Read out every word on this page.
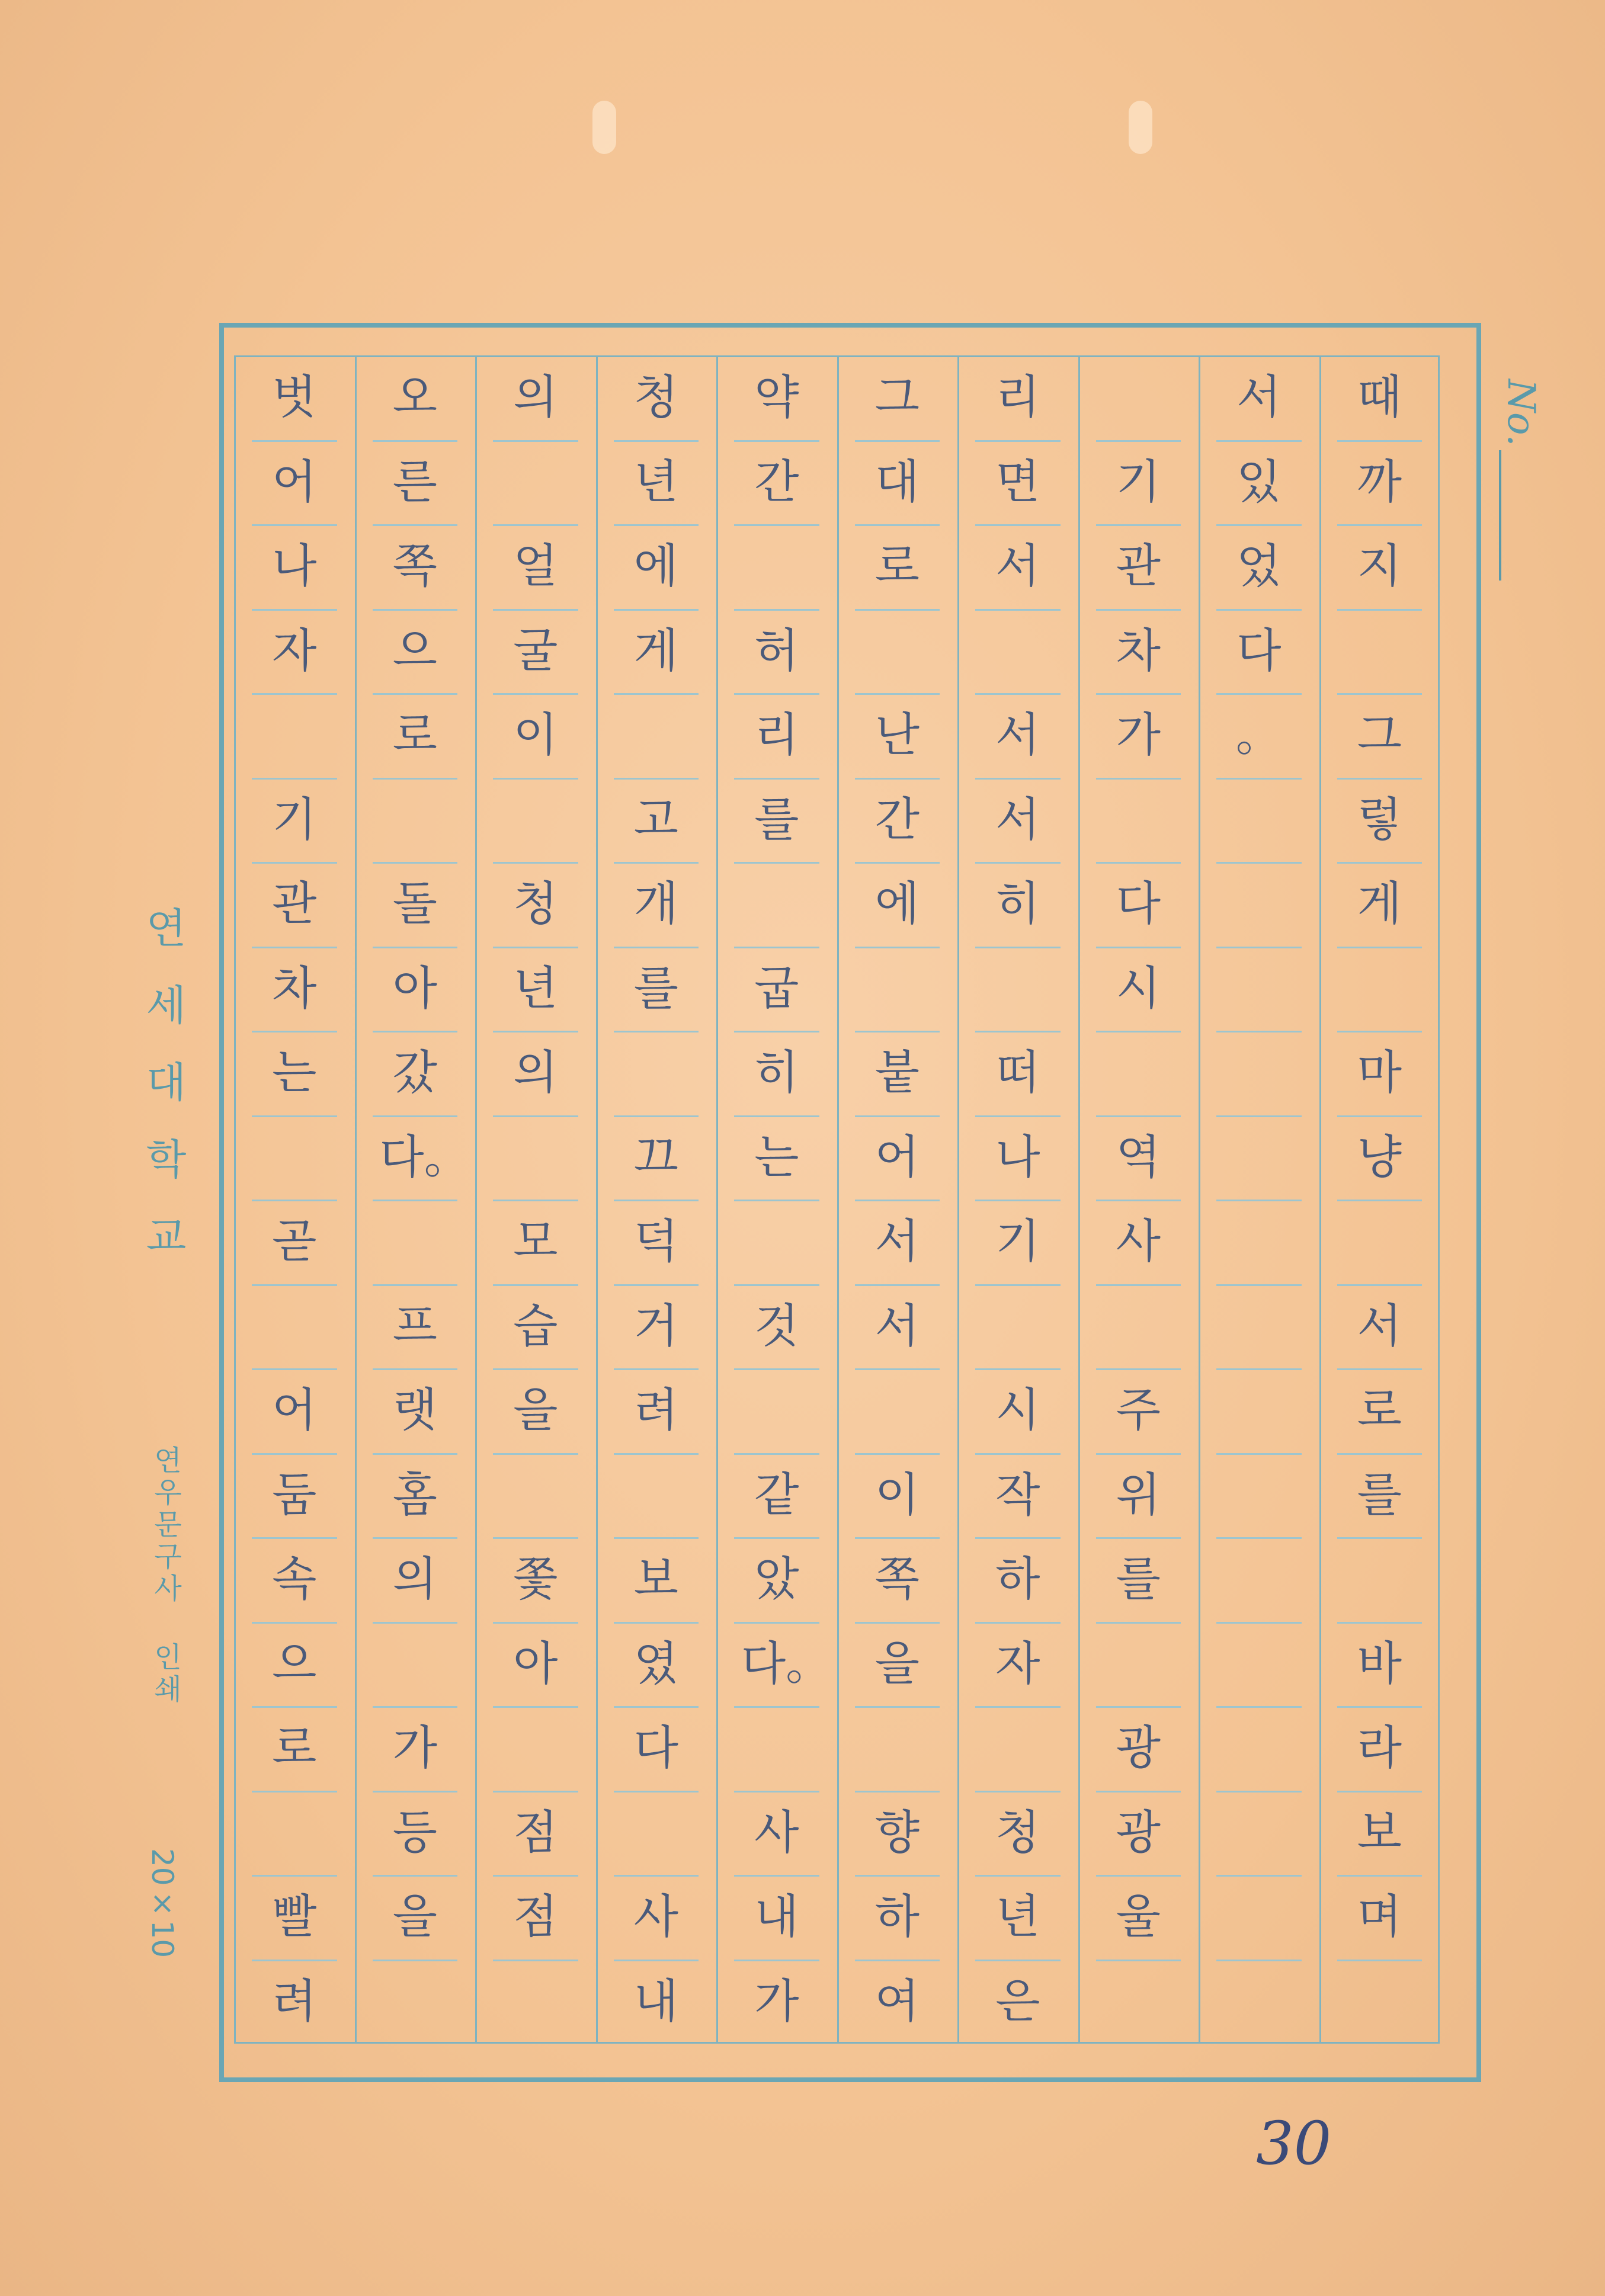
때
까
지
그
렇
게
마
냥
서
로
를
바
라
보
며
서
있
었
다
。
기
관
차
가
다
시
역
사
주
위
를
광
광
울
리
면
서
서
서
히
떠
나
기
시
작
하
자
청
년
은
그
대
로
난
간
에
붙
어
서
서
이
쪽
을
향
하
여
약
간
허
리
를
굽
히
는
것
같
았
다。
사
내
가
청
년
에
게
고
개
를
끄
덕
거
려
보
였
다
사
내
의
얼
굴
이
청
년
의
모
습
을
쫓
아
점
점
오
른
쪽
으
로
돌
아
갔
다。
프
랫
홈
의
가
등
을
벗
어
나
자
기
관
차
는
곧
어
둠
속
으
로
빨
려
No.
연세대학교
연우문구사 인쇄
20×10
30
